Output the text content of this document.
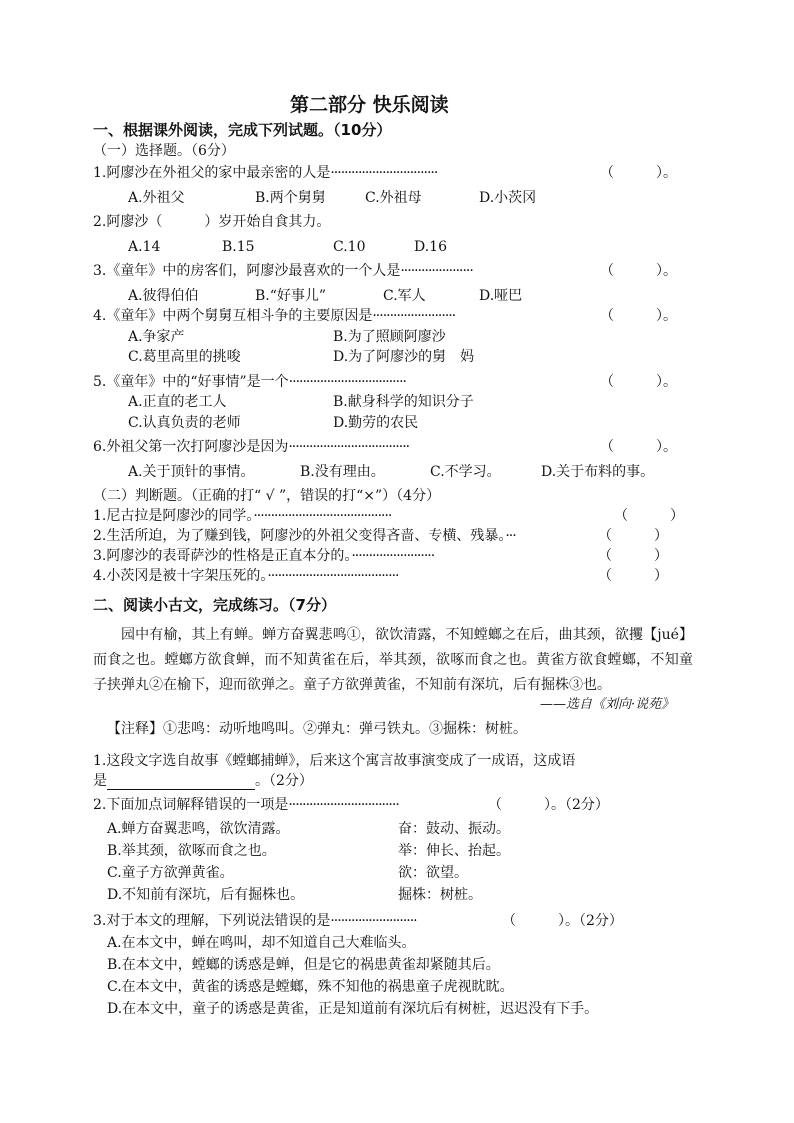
第二部分 快乐阅读
一、根据课外阅读，完成下列试题。（10分）
（一）选择题。（6分）
1.阿廖沙在外祖父的家中最亲密的人是·······························	（　　　）。
A.外祖父	B.两个舅舅	C.外祖母	D.小茨冈
2.阿廖沙（　　　）岁开始自食其力。
A.14	B.15	C.10	D.16
3.《童年》中的房客们，阿廖沙最喜欢的一个人是·····················	（　　　）。
A.彼得伯伯	B.“好事儿”	C.军人	D.哑巴
4.《童年》中两个舅舅互相斗争的主要原因是························	（　　　）。
A.争家产	B.为了照顾阿廖沙
C.葛里高里的挑唆	D.为了阿廖沙的舅　妈
5.《童年》中的“好事情”是一个··································	（　　　）。
A.正直的老工人	B.献身科学的知识分子
C.认真负责的老师	D.勤劳的农民
6.外祖父第一次打阿廖沙是因为···································	（　　　）。
A.关于顶针的事情。	B.没有理由。	C.不学习。	D.关于布料的事。
（二）判断题。（正确的打“ √ ”，错误的打“×”）（4分）
1.尼古拉是阿廖沙的同学。········································	（　　　）
2.生活所迫，为了赚到钱，阿廖沙的外祖父变得吝啬、专横、残暴。···	（　　　）
3.阿廖沙的表哥萨沙的性格是正直本分的。························	（　　　）
4.小茨冈是被十字架压死的。······································	（　　　）
二、阅读小古文，完成练习。（7分）
园中有榆，其上有蝉。蝉方奋翼悲鸣①，欲饮清露，不知螳螂之在后，曲其颈，欲攫【jué】而食之也。螳螂方欲食蝉，而不知黄雀在后，举其颈，欲啄而食之也。黄雀方欲食螳螂，不知童子挟弹丸②在榆下，迎而欲弹之。童子方欲弹黄雀，不知前有深坑，后有掘株③也。
——选自《刘向·说苑》
【注释】①悲鸣：动听地鸣叫。②弹丸：弹弓铁丸。③掘株：树桩。
1.这段文字选自故事《螳螂捕蝉》，后来这个寓言故事演变成了一成语，这成语
是	。（2分）
2.下面加点词解释错误的一项是································	（　　　）。（2分）
A.蝉方奋翼悲鸣，欲饮清露。	奋：鼓动、振动。
B.举其颈，欲啄而食之也。	举：伸长、抬起。
C.童子方欲弹黄雀。	欲：欲望。
D.不知前有深坑，后有掘株也。	掘株：树桩。
3.对于本文的理解，下列说法错误的是·························	（　　　）。（2分）
A.在本文中，蝉在鸣叫，却不知道自己大难临头。
B.在本文中，螳螂的诱惑是蝉，但是它的祸患黄雀却紧随其后。
C.在本文中，黄雀的诱惑是螳螂，殊不知他的祸患童子虎视眈眈。
D.在本文中，童子的诱惑是黄雀，正是知道前有深坑后有树桩，迟迟没有下手。
